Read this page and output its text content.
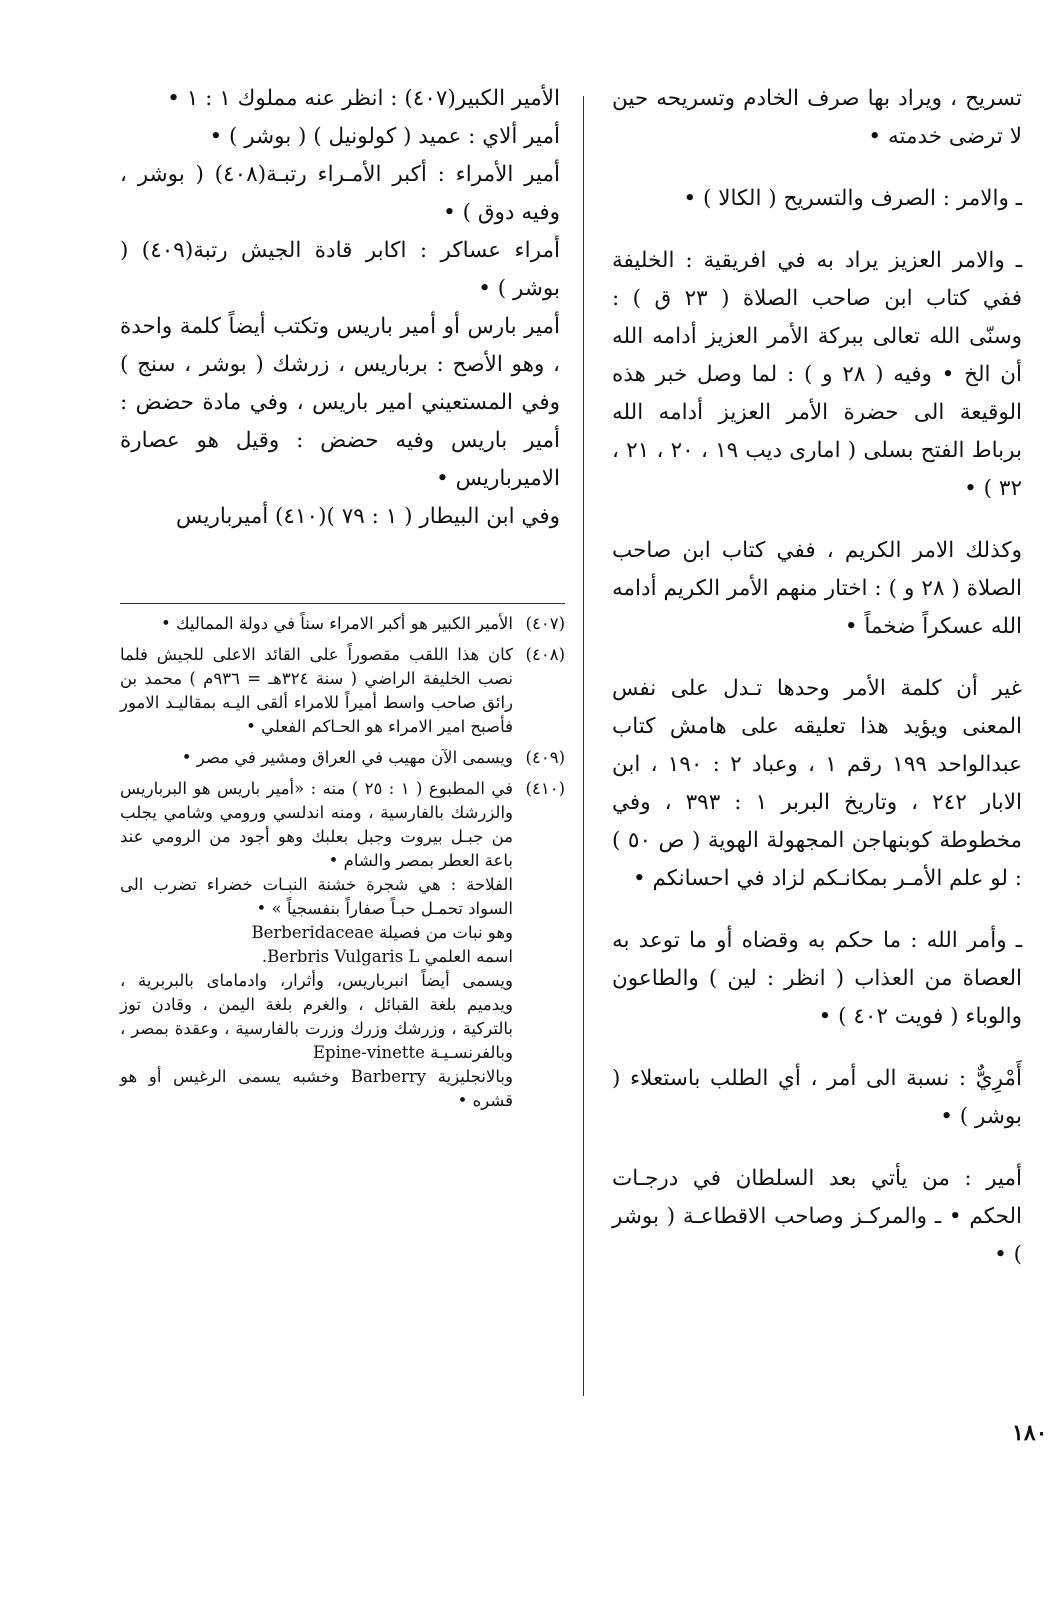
تسريح ، ويراد بها صرف الخادم وتسريحه حين لا ترضى خدمته •

ـ والامر : الصرف والتسريح ( الكالا ) •

ـ والامر العزيز يراد به في افريقية : الخليفة ففي كتاب ابن صاحب الصلاة ( ٢٣ ق ) : وسنّى الله تعالى ببركة الأمر العزيز أدامه الله أن الخ • وفيه ( ٢٨ و ) : لما وصل خبر هذه الوقيعة الى حضرة الأمر العزيز أدامه الله برباط الفتح بسلى ( امارى ديب ١٩ ، ٢٠ ، ٢١ ، ٣٢ ) •

وكذلك الامر الكريم ، ففي كتاب ابن صاحب الصلاة ( ٢٨ و ) : اختار منهم الأمر الكريم أدامه الله عسكراً ضخماً •

غير أن كلمة الأمر وحدها تـدل على نفس المعنى ويؤيد هذا تعليقه على هامش كتاب عبدالواحد ١٩٩ رقم ١ ، وعباد ٢ : ١٩٠ ، ابن الابار ٢٤٢ ، وتاريخ البربر ١ : ٣٩٣ ، وفي مخطوطة كوبنهاجن المجهولة الهوية ( ص ٥٠ ) : لو علم الأمـر بمكانـكم لزاد في احسانكم •

ـ وأمر الله : ما حكم به وقضاه أو ما توعد به العصاة من العذاب ( انظر : لين ) والطاعون والوباء ( فويت ٤٠٢ ) •

أَمْرِيٌّ : نسبة الى أمر ، أي الطلب باستعلاء ( بوشر ) •

أمير : من يأتي بعد السلطان في درجـات الحكم • ـ والمركـز وصاحب الاقطاعـة ( بوشر ) •

الأمير الكبير(٤٠٧) : انظر عنه مملوك ١ : ١ •

أمير ألاي : عميد ( كولونيل ) ( بوشر ) •

أمير الأمراء : أكبر الأمـراء رتبـة(٤٠٨) ( بوشر ، وفيه دوق ) •

أمراء عساكر : اكابر قادة الجيش رتبة(٤٠٩) ( بوشر ) •

أمير بارس أو أمير باريس وتكتب أيضاً كلمة واحدة ، وهو الأصح : برباريس ، زرشك ( بوشر ، سنج ) وفي المستعيني امير باريس ، وفي مادة حضض : أمير باريس وفيه حضض : وقيل هو عصارة الاميرباريس •

وفي ابن البيطار ( ١ : ٧٩ )(٤١٠) أميرباريس

(٤٠٧)

الأمير الكبير هو أكبر الامراء سناً في دولة المماليك •

(٤٠٨)

كان هذا اللقب مقصوراً على القائد الاعلى للجيش فلما نصب الخليفة الراضي ( سنة ٣٢٤هـ = ٩٣٦م ) محمد بن رائق صاحب واسط أميراً للامراء ألقى اليـه بمقاليـد الامور فأصبح امير الامراء هو الحـاكم الفعلي •

(٤٠٩)

ويسمى الآن مهيب في العراق ومشير في مصر •

(٤١٠)

في المطبوع ( ١ : ٢٥ ) منه : «أمير باريس هو البرباريس والزرشك بالفارسية ، ومنه اندلسي ورومي وشامي يجلب من جبـل بيروت وجبل بعلبك وهو أجود من الرومي عند باعة العطر بمصر والشام •

الفلاحة : هي شجرة خشنة النبـات خضراء تضرب الى السواد تحمـل حبـاً صفاراً بنفسجياً » •

وهو نبات من فصيلة Berberidaceae

اسمه العلمي Berbris Vulgaris L.

ويسمى أيضاً انبرباريس، وأثرار، وادماماى بالبربرية ، ويدميم بلغة القبائل ، والغرم بلغة اليمن ، وقادن توز بالتركية ، وزرشك وزرك وزرت بالفارسية ، وعقدة بمصر ، وبالفرنسـيـة Epine-vinette

وبالانجليزية Barberry وخشبه يسمى الرغيس أو هو قشره •

١٨٠
